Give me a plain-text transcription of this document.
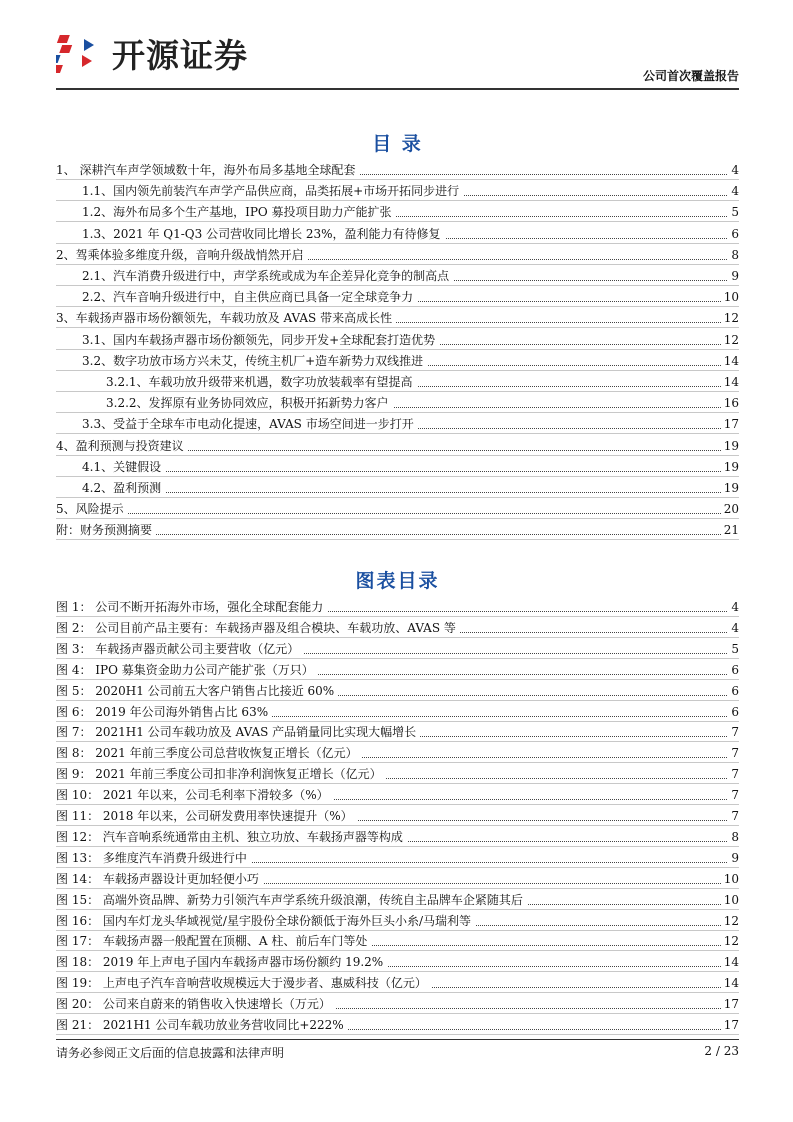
开源证券
公司首次覆盖报告
目 录
1、 深耕汽车声学领域数十年，海外布局多基地全球配套	4
1.1、国内领先前装汽车声学产品供应商，品类拓展+市场开拓同步进行	4
1.2、海外布局多个生产基地，IPO 募投项目助力产能扩张	5
1.3、2021 年 Q1-Q3 公司营收同比增长 23%，盈利能力有待修复	6
2、驾乘体验多维度升级，音响升级战悄然开启	8
2.1、汽车消费升级进行中，声学系统或成为车企差异化竞争的制高点	9
2.2、汽车音响升级进行中，自主供应商已具备一定全球竞争力	10
3、车载扬声器市场份额领先，车载功放及 AVAS 带来高成长性	12
3.1、国内车载扬声器市场份额领先，同步开发+全球配套打造优势	12
3.2、数字功放市场方兴未艾，传统主机厂+造车新势力双线推进	14
3.2.1、车载功放升级带来机遇，数字功放装载率有望提高	14
3.2.2、发挥原有业务协同效应，积极开拓新势力客户	16
3.3、受益于全球车市电动化提速，AVAS 市场空间进一步打开	17
4、盈利预测与投资建议	19
4.1、关键假设	19
4.2、盈利预测	19
5、风险提示	20
附：财务预测摘要	21
图表目录
图 1： 公司不断开拓海外市场，强化全球配套能力	4
图 2： 公司目前产品主要有：车载扬声器及组合模块、车载功放、AVAS 等	4
图 3： 车载扬声器贡献公司主要营收（亿元）	5
图 4： IPO 募集资金助力公司产能扩张（万只）	6
图 5： 2020H1 公司前五大客户销售占比接近 60%	6
图 6： 2019 年公司海外销售占比 63%	6
图 7： 2021H1 公司车载功放及 AVAS 产品销量同比实现大幅增长	7
图 8： 2021 年前三季度公司总营收恢复正增长（亿元）	7
图 9： 2021 年前三季度公司扣非净利润恢复正增长（亿元）	7
图 10： 2021 年以来，公司毛利率下滑较多（%）	7
图 11： 2018 年以来，公司研发费用率快速提升（%）	7
图 12： 汽车音响系统通常由主机、独立功放、车载扬声器等构成	8
图 13： 多维度汽车消费升级进行中	9
图 14： 车载扬声器设计更加轻便小巧	10
图 15： 高端外资品牌、新势力引领汽车声学系统升级浪潮，传统自主品牌车企紧随其后	10
图 16： 国内车灯龙头华域视觉/星宇股份全球份额低于海外巨头小糸/马瑞利等	12
图 17： 车载扬声器一般配置在顶棚、A 柱、前后车门等处	12
图 18： 2019 年上声电子国内车载扬声器市场份额约 19.2%	14
图 19： 上声电子汽车音响营收规模远大于漫步者、惠威科技（亿元）	14
图 20： 公司来自蔚来的销售收入快速增长（万元）	17
图 21： 2021H1 公司车载功放业务营收同比+222%	17
请务必参阅正文后面的信息披露和法律声明	2 / 23
